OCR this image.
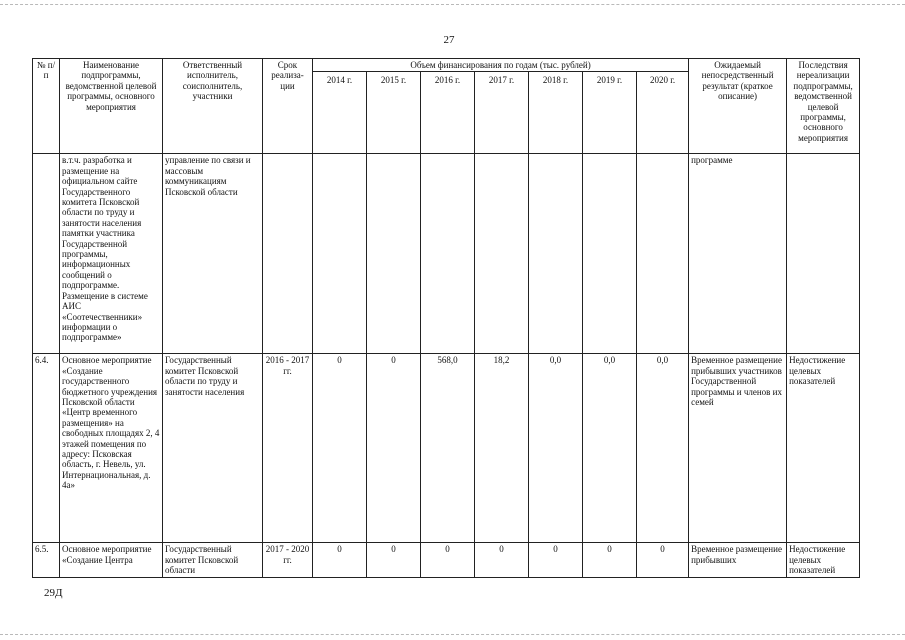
27
№ п/п	Наименование подпрограммы, ведомственной целевой программы, основного мероприятия	Ответственный исполнитель, соисполнитель, участники	Срок реализа- ции	Объем финансирования по годам (тыс. рублей)							Ожидаемый непосредственный результат (краткое описание)	Последствия нереализации подпрограммы, ведомственной целевой программы, основного мероприятия
				2014 г.	2015 г.	2016 г.	2017 г.	2018 г.	2019 г.	2020 г.		
	в.т.ч. разработка и размещение на официальном сайте Государственного комитета Псковской области по труду и занятости населения памятки участника Государственной программы, информационных сообщений о подпрограмме. Размещение в системе АИС «Соотечественники» информации о подпрограмме»	управление по связи и массовым коммуникациям Псковской области									программе	
6.4.	Основное мероприятие «Создание государственного бюджетного учреждения Псковской области «Центр временного размещения» на свободных площадях 2, 4 этажей помещения по адресу: Псковская область, г. Невель, ул. Интернациональная, д. 4а»	Государственный комитет Псковской области по труду и занятости населения	2016 - 2017 гг.	0	0	568,0	18,2	0,0	0,0	0,0	Временное размещение прибывших участников Государственной программы и членов их семей	Недостижение целевых показателей
6.5.	Основное мероприятие «Создание Центра	Государственный комитет Псковской области	2017 - 2020 гг.	0	0	0	0	0	0	0	Временное размещение прибывших	Недостижение целевых показателей
29Д
